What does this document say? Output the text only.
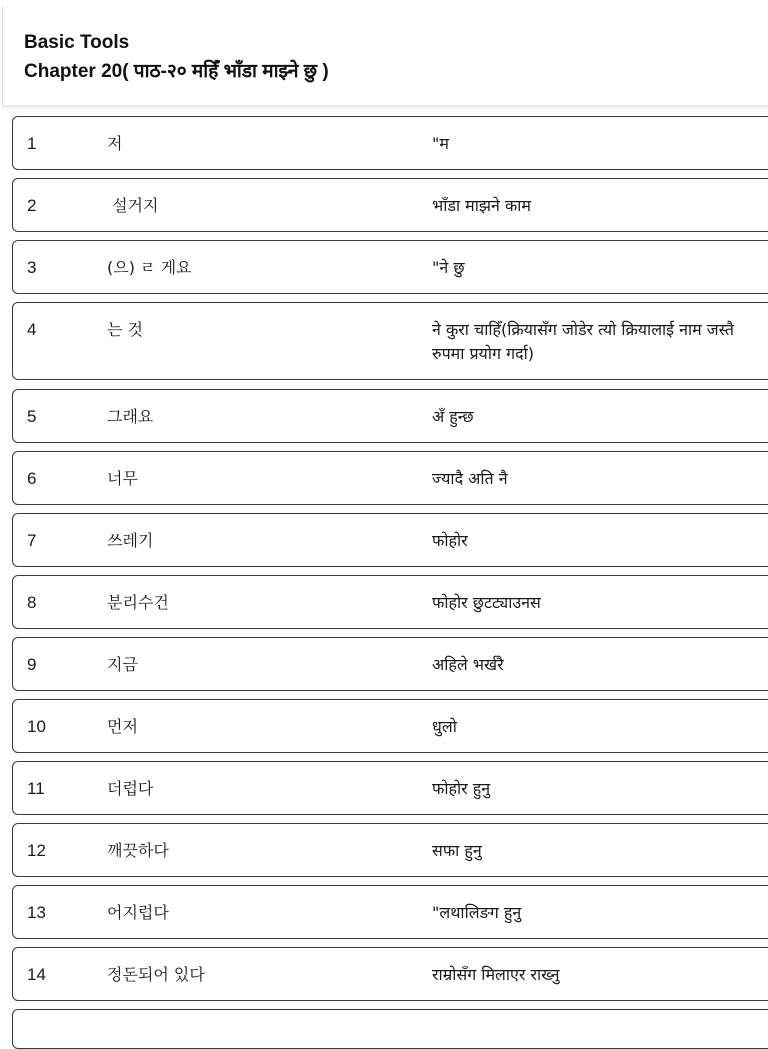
Basic Tools
Chapter 20( पाठ-२० महिँ भाँडा माझ्ने छु )
1	저	"म
2	설거지	भाँडा माझने काम
3	(으) ㄹ 게요	"ने छु
4	는 것	ने कुरा चाहिँ(क्रियासँग जोडेर त्यो क्रियालाई नाम जस्तै रुपमा प्रयोग गर्दा)
5	그래요	अँ हुन्छ
6	너무	ज्यादै अति नै
7	쓰레기	फोहोर
8	분리수건	फोहोर छुटट्याउनस
9	지금	अहिले भर्खरै
10	먼저	धुलो
11	더럽다	फोहोर हुनु
12	깨끗하다	सफा हुनु
13	어지럽다	"लथालिङग हुनु
14	정돈되어 있다	राम्रोसँग मिलाएर राख्नु
